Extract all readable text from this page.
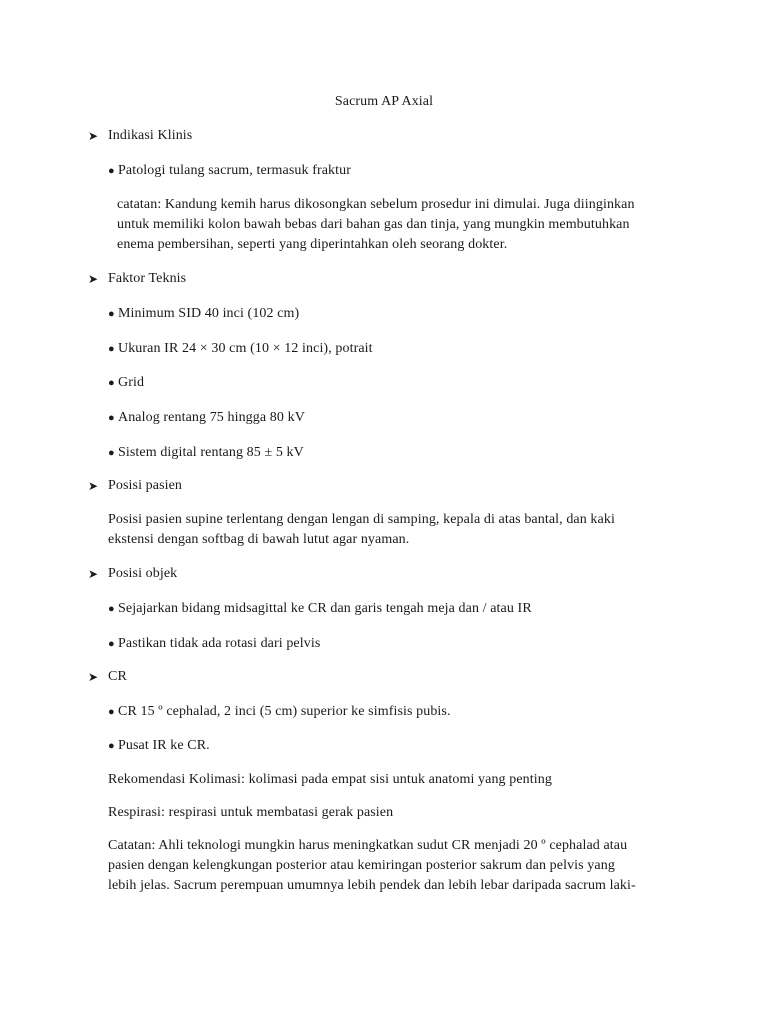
Sacrum AP Axial
➤ Indikasi Klinis
● Patologi tulang sacrum, termasuk fraktur
catatan: Kandung kemih harus dikosongkan sebelum prosedur ini dimulai. Juga diinginkan
untuk memiliki kolon bawah bebas dari bahan gas dan tinja, yang mungkin membutuhkan
enema pembersihan, seperti yang diperintahkan oleh seorang dokter.
➤ Faktor Teknis
● Minimum SID 40 inci (102 cm)
● Ukuran IR 24 × 30 cm (10 × 12 inci), potrait
● Grid
● Analog rentang 75 hingga 80 kV
● Sistem digital rentang 85 ± 5 kV
➤ Posisi pasien
Posisi pasien supine terlentang dengan lengan di samping, kepala di atas bantal, dan kaki
ekstensi dengan softbag di bawah lutut agar nyaman.
➤ Posisi objek
● Sejajarkan bidang midsagittal ke CR dan garis tengah meja dan / atau IR
● Pastikan tidak ada rotasi dari pelvis
➤ CR
● CR 15 º cephalad, 2 inci (5 cm) superior ke simfisis pubis.
● Pusat IR ke CR.
Rekomendasi Kolimasi: kolimasi pada empat sisi untuk anatomi yang penting
Respirasi: respirasi untuk membatasi gerak pasien
Catatan: Ahli teknologi mungkin harus meningkatkan sudut CR menjadi 20 º cephalad atau
pasien dengan kelengkungan posterior atau kemiringan posterior sakrum dan pelvis yang
lebih jelas. Sacrum perempuan umumnya lebih pendek dan lebih lebar daripada sacrum laki-
